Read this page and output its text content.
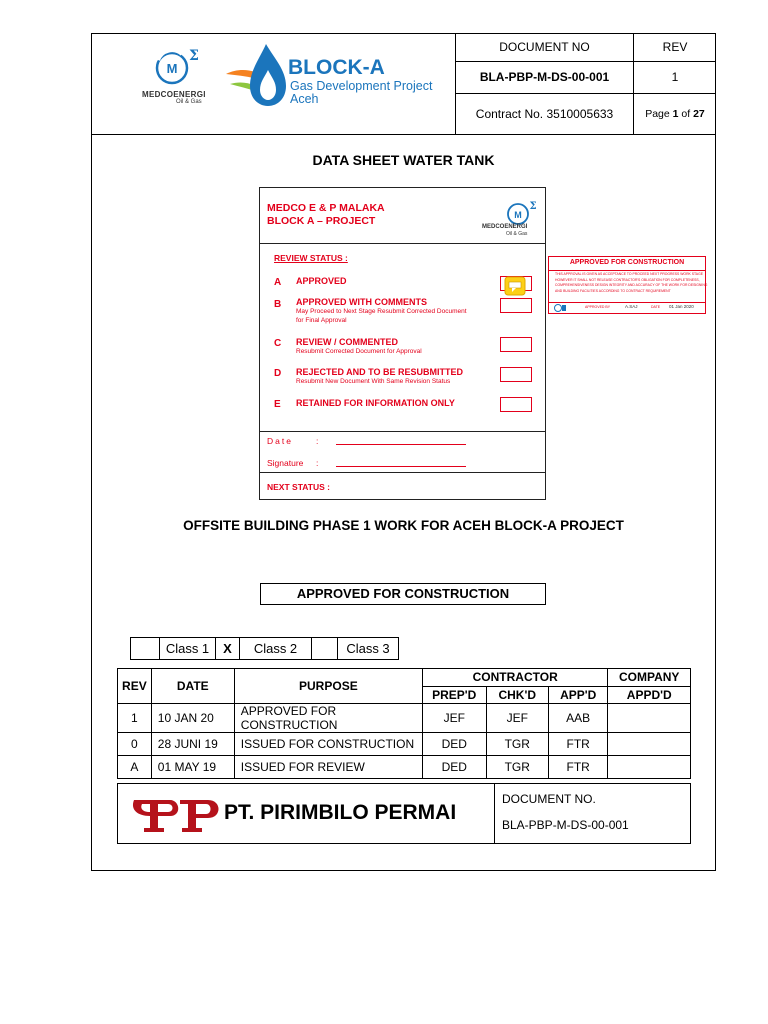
M
Σ
MEDCOENERGI
Oil & Gas
BLOCK-A
Gas Development Project
Aceh
DOCUMENT NO	REV
BLA-PBP-M-DS-00-001	1
Contract No. 3510005633	Page 1 of 27
DATA SHEET WATER TANK
MEDCO E & P MALAKA
BLOCK A – PROJECT	M
Σ
MEDCOENERGI
Oil & Gas
REVIEW STATUS :
A APPROVED
B APPROVED WITH COMMENTS
May Proceed to Next Stage Resubmit Corrected Document
for Final Approval
C REVIEW / COMMENTED
Resubmit Corrected Document for Approval
D REJECTED AND TO BE RESUBMITTED
Resubmit New Document With Same Revision Status
E RETAINED FOR INFORMATION ONLY
Date	:
Signature :
NEXT STATUS :
APPROVED FOR CONSTRUCTION
THIS APPROVAL IS GIVEN AS ACCEPTANCE TO PROCEED NEXT PROGRESS WORK STAGE
HOWEVER IT SHALL NOT RELEASE CONTRACTOR'S OBLIGATION FOR COMPLETENESS,
COMPREHENSIVENESS DESIGN INTEGRITY AND ACCURACY OF THE WORK FOR DESIGNING
AND BUILDING FACILITIES ACCORDING TO CONTRACT REQUIREMENT
APPROVED BY	A.SAJ	DATE 01 Jan 2020
OFFSITE BUILDING PHASE 1 WORK FOR ACEH BLOCK-A PROJECT
APPROVED FOR CONSTRUCTION
Class 1	X	Class 2	Class 3
REV	DATE	PURPOSE	CONTRACTOR			COMPANY
			PREP'D	CHK'D	APP'D	APPD'D
1	10 JAN 20	APPROVED FOR CONSTRUCTION	JEF	JEF	AAB	
0	28 JUNI 19	ISSUED FOR CONSTRUCTION	DED	TGR	FTR	
A	01 MAY 19	ISSUED FOR REVIEW	DED	TGR	FTR	
PT. PIRIMBILO PERMAI
DOCUMENT NO.
BLA-PBP-M-DS-00-001
